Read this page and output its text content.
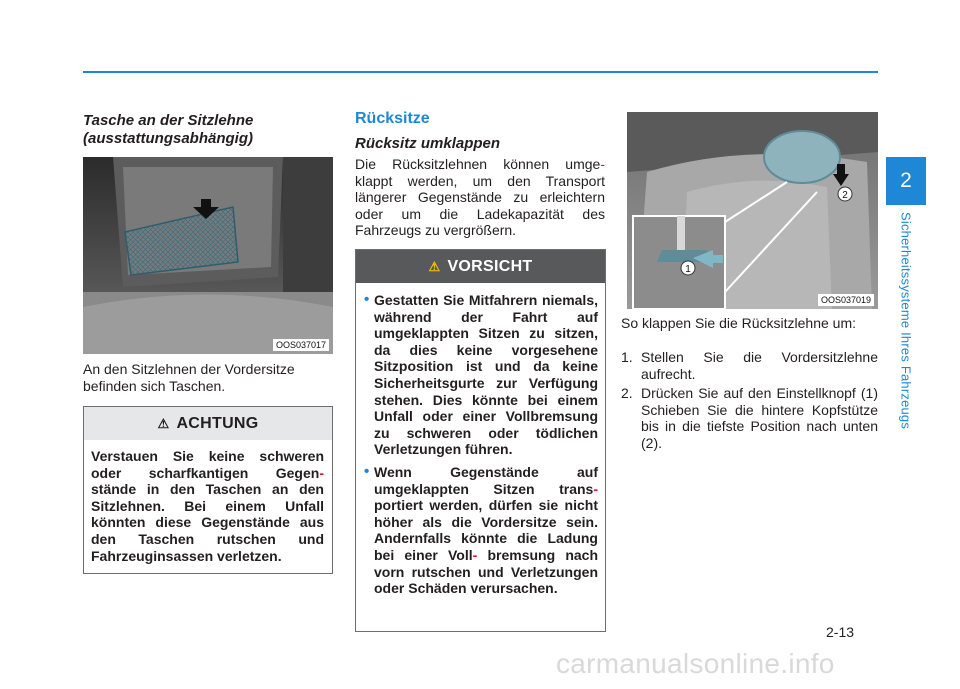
2
Sicherheitssysteme Ihres Fahrzeugs
Tasche an der Sitzlehne
(ausstattungsabhängig)
OOS037017

An den Sitzlehnen der Vordersitze befinden sich Taschen.

⚠ ACHTUNG
Verstauen Sie keine schweren oder scharfkantigen Gegen- stände in den Taschen an den Sitzlehnen. Bei einem Unfall könnten diese Gegenstände aus den Taschen rutschen und Fahrzeuginsassen verletzen.
Rücksitze
Rücksitz umklappen

Die Rücksitzlehnen können umge- klappt werden, um den Transport längerer Gegenstände zu erleichtern oder um die Ladekapazität des Fahrzeugs zu vergrößern.

⚠ VORSICHT
• Gestatten Sie Mitfahrern niemals, während der Fahrt auf umgeklappten Sitzen zu sitzen, da dies keine vorgesehene Sitzposition ist und da keine Sicherheitsgurte zur Verfügung stehen. Dies könnte bei einem Unfall oder einer Vollbremsung zu schweren oder tödlichen Verletzungen führen.
• Wenn Gegenstände auf umgeklappten Sitzen trans- portiert werden, dürfen sie nicht höher als die Vordersitze sein. Andernfalls könnte die Ladung bei einer Voll- bremsung nach vorn rutschen und Verletzungen oder Schäden verursachen.
1
2
OOS037019

So klappen Sie die Rücksitzlehne um:

1. Stellen Sie die Vordersitzlehne aufrecht.
2. Drücken Sie auf den Einstellknopf (1) Schieben Sie die hintere Kopfstütze bis in die tiefste Position nach unten (2).
2-13
carmanualsonline.info
